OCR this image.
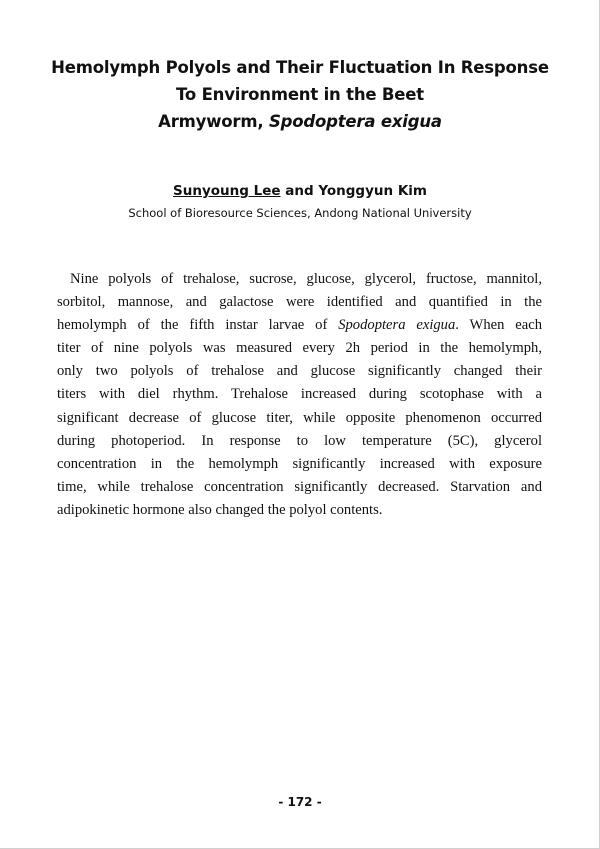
Hemolymph Polyols and Their Fluctuation In Response
To Environment in the Beet
Armyworm, Spodoptera exigua
Sunyoung Lee and Yonggyun Kim
School of Bioresource Sciences, Andong National University
Nine polyols of trehalose, sucrose, glucose, glycerol, fructose, mannitol,
sorbitol, mannose, and galactose were identified and quantified in the
hemolymph of the fifth instar larvae of Spodoptera exigua. When each
titer of nine polyols was measured every 2h period in the hemolymph,
only two polyols of trehalose and glucose significantly changed their
titers with diel rhythm. Trehalose increased during scotophase with a
significant decrease of glucose titer, while opposite phenomenon occurred
during photoperiod. In response to low temperature (5C), glycerol
concentration in the hemolymph significantly increased with exposure
time, while trehalose concentration significantly decreased. Starvation and
adipokinetic hormone also changed the polyol contents.
- 172 -
